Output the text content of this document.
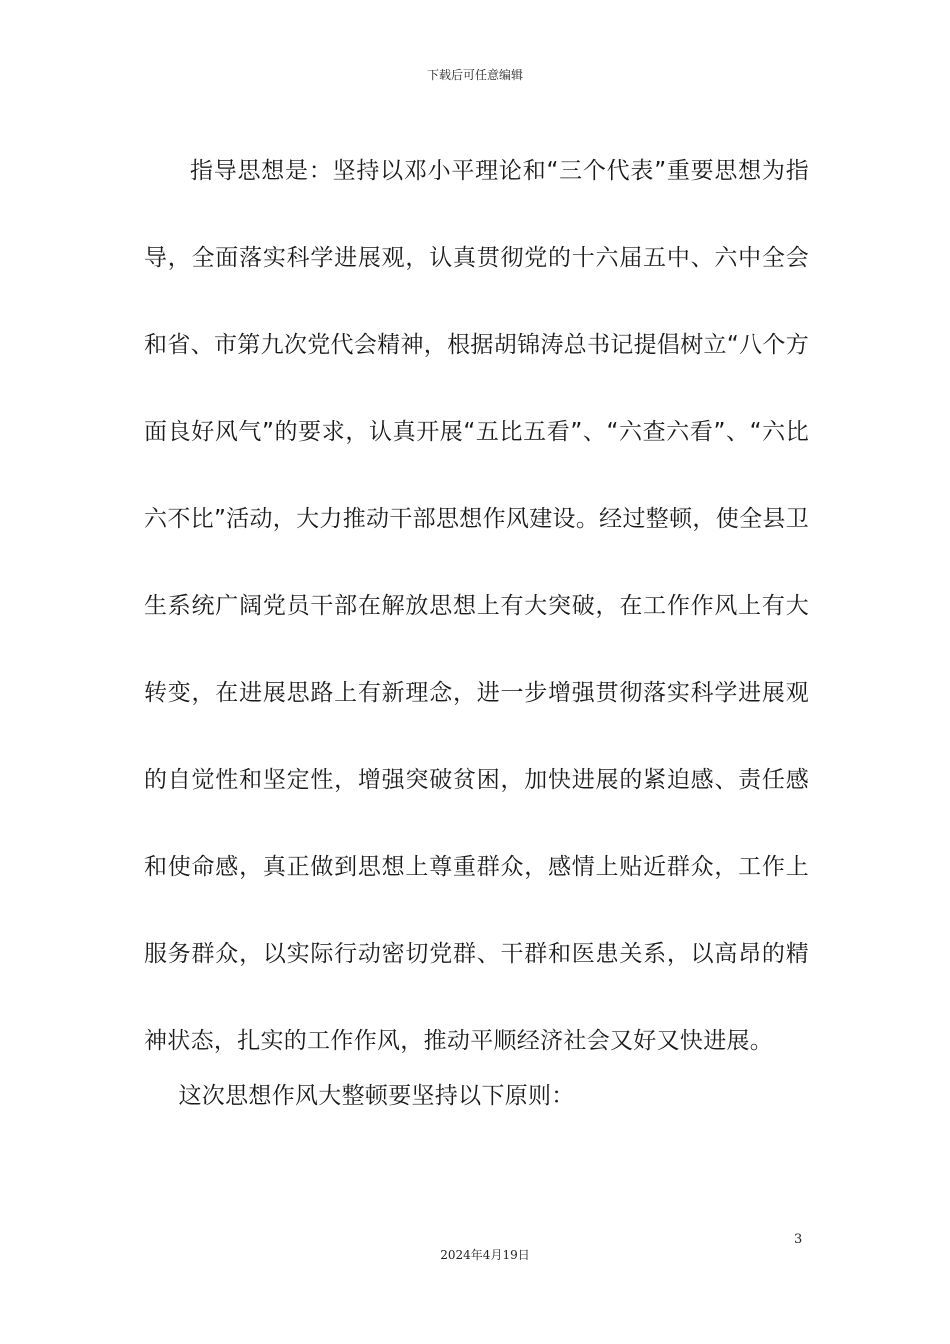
下载后可任意编辑

指导思想是：坚持以邓小平理论和“三个代表”重要思想为指导，全面落实科学进展观，认真贯彻党的十六届五中、六中全会和省、市第九次党代会精神，根据胡锦涛总书记提倡树立“八个方面良好风气”的要求，认真开展“五比五看”、“六查六看”、“六比六不比”活动，大力推动干部思想作风建设。经过整顿，使全县卫生系统广阔党员干部在解放思想上有大突破，在工作作风上有大转变，在进展思路上有新理念，进一步增强贯彻落实科学进展观的自觉性和坚定性，增强突破贫困，加快进展的紧迫感、责任感和使命感，真正做到思想上尊重群众，感情上贴近群众，工作上服务群众，以实际行动密切党群、干群和医患关系，以高昂的精神状态，扎实的工作作风，推动平顺经济社会又好又快进展。

这次思想作风大整顿要坚持以下原则：

3
2024年4月19日
